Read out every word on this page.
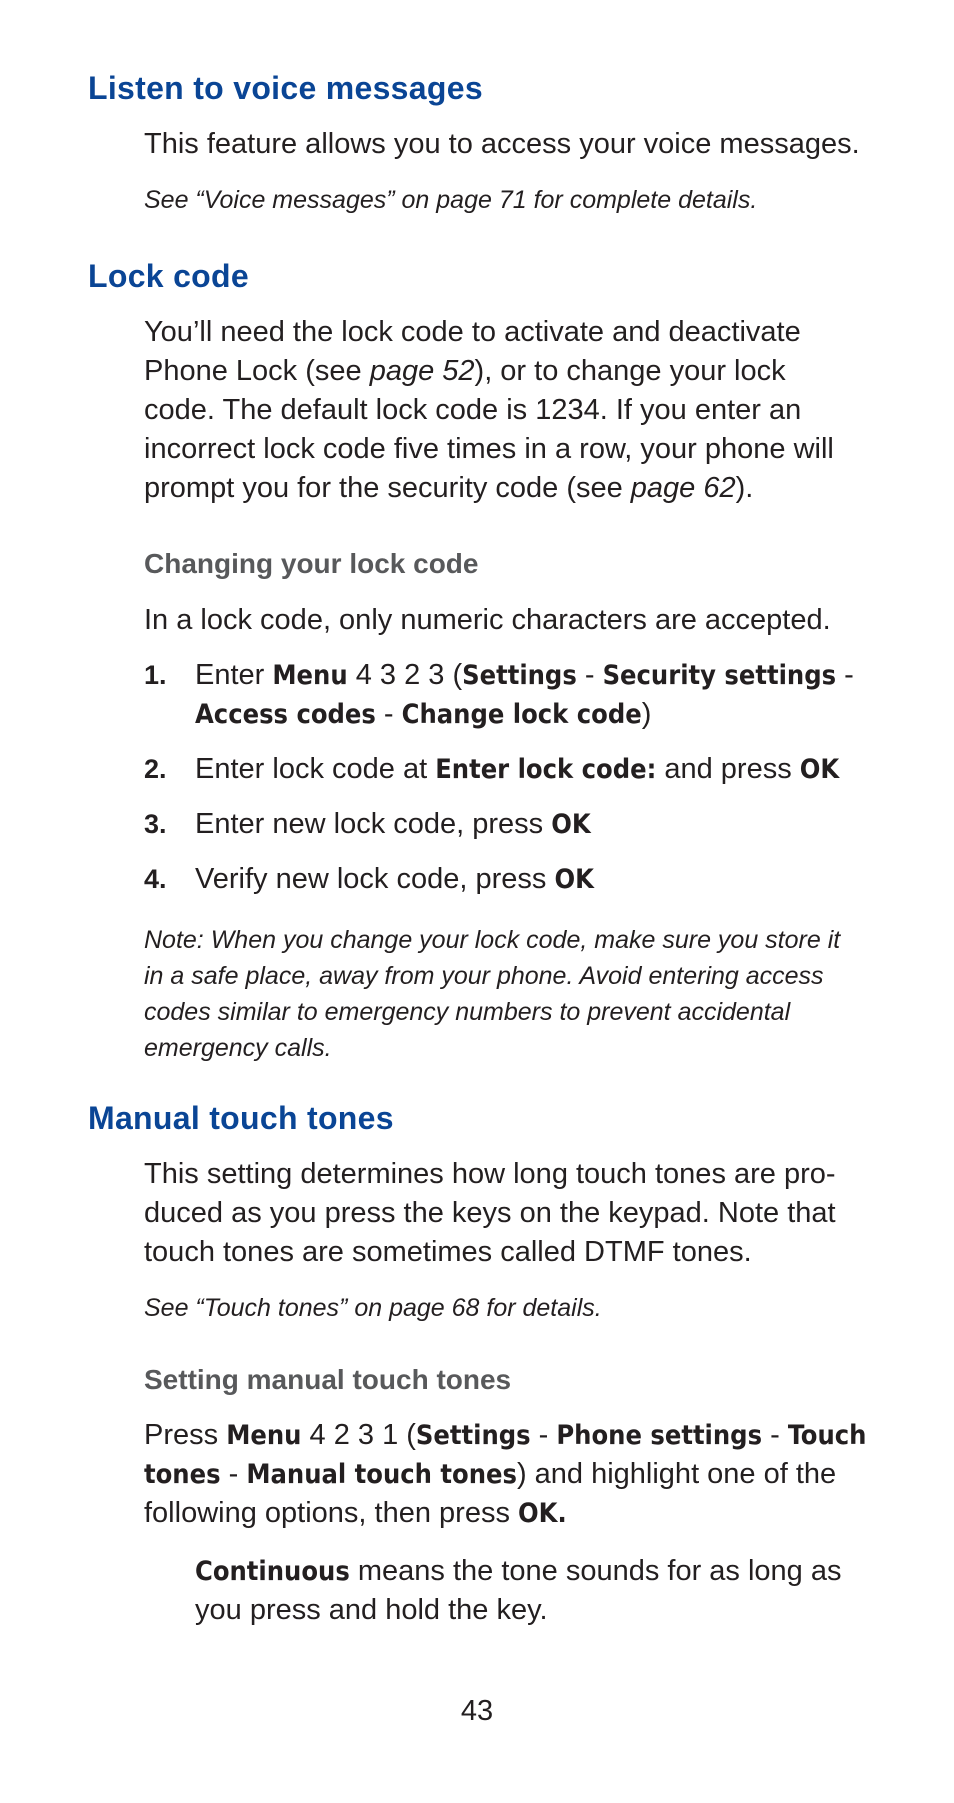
Listen to voice messages

This feature allows you to access your voice messages.

See “Voice messages” on page 71 for complete details.

Lock code

You’ll need the lock code to activate and deactivate
Phone Lock (see page 52), or to change your lock
code. The default lock code is 1234. If you enter an
incorrect lock code five times in a row, your phone will
prompt you for the security code (see page 62).

Changing your lock code

In a lock code, only numeric characters are accepted.

1. Enter Menu 4 3 2 3 (Settings - Security settings -
Access codes - Change lock code)
2. Enter lock code at Enter lock code: and press OK
3. Enter new lock code, press OK
4. Verify new lock code, press OK

Note: When you change your lock code, make sure you store it
in a safe place, away from your phone. Avoid entering access
codes similar to emergency numbers to prevent accidental
emergency calls.

Manual touch tones

This setting determines how long touch tones are pro-
duced as you press the keys on the keypad. Note that
touch tones are sometimes called DTMF tones.

See “Touch tones” on page 68 for details.

Setting manual touch tones

Press Menu 4 2 3 1 (Settings - Phone settings - Touch
tones - Manual touch tones) and highlight one of the
following options, then press OK.

Continuous means the tone sounds for as long as
you press and hold the key.
43
